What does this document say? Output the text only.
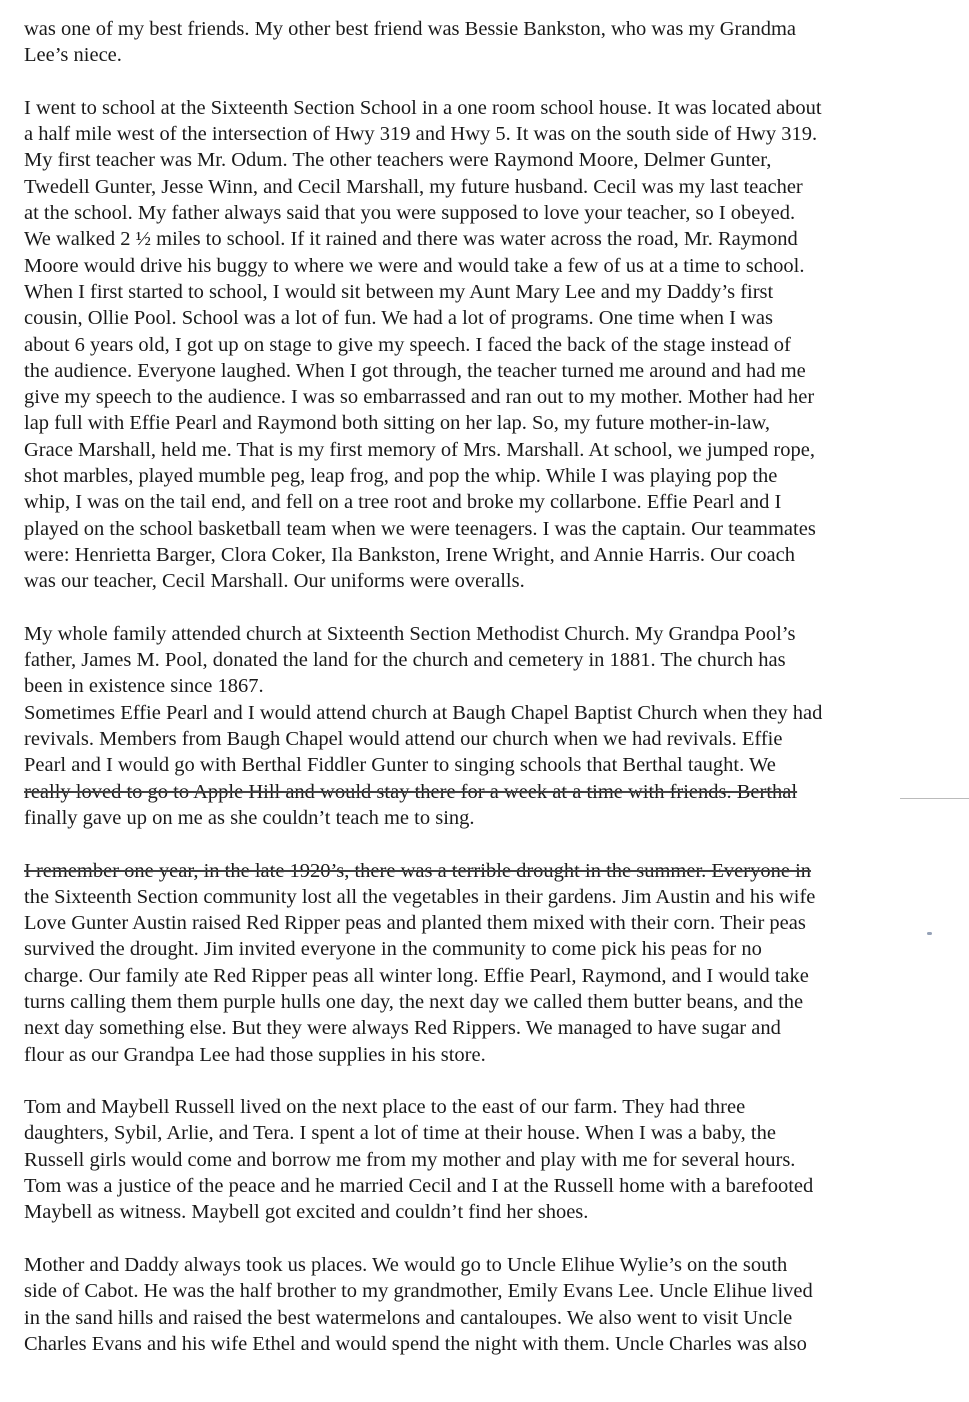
was one of my best friends. My other best friend was Bessie Bankston, who was my Grandma
Lee’s niece.

I went to school at the Sixteenth Section School in a one room school house. It was located about
a half mile west of the intersection of Hwy 319 and Hwy 5. It was on the south side of Hwy 319.
My first teacher was Mr. Odum. The other teachers were Raymond Moore, Delmer Gunter,
Twedell Gunter, Jesse Winn, and Cecil Marshall, my future husband. Cecil was my last teacher
at the school. My father always said that you were supposed to love your teacher, so I obeyed.
We walked 2 ½ miles to school. If it rained and there was water across the road, Mr. Raymond
Moore would drive his buggy to where we were and would take a few of us at a time to school.
When I first started to school, I would sit between my Aunt Mary Lee and my Daddy’s first
cousin, Ollie Pool. School was a lot of fun. We had a lot of programs. One time when I was
about 6 years old, I got up on stage to give my speech. I faced the back of the stage instead of
the audience. Everyone laughed. When I got through, the teacher turned me around and had me
give my speech to the audience. I was so embarrassed and ran out to my mother. Mother had her
lap full with Effie Pearl and Raymond both sitting on her lap. So, my future mother-in-law,
Grace Marshall, held me. That is my first memory of Mrs. Marshall. At school, we jumped rope,
shot marbles, played mumble peg, leap frog, and pop the whip. While I was playing pop the
whip, I was on the tail end, and fell on a tree root and broke my collarbone. Effie Pearl and I
played on the school basketball team when we were teenagers. I was the captain. Our teammates
were: Henrietta Barger, Clora Coker, Ila Bankston, Irene Wright, and Annie Harris. Our coach
was our teacher, Cecil Marshall. Our uniforms were overalls.

My whole family attended church at Sixteenth Section Methodist Church. My Grandpa Pool’s
father, James M. Pool, donated the land for the church and cemetery in 1881. The church has
been in existence since 1867.

Sometimes Effie Pearl and I would attend church at Baugh Chapel Baptist Church when they had
revivals. Members from Baugh Chapel would attend our church when we had revivals. Effie
Pearl and I would go with Berthal Fiddler Gunter to singing schools that Berthal taught. We
really loved to go to Apple Hill and would stay there for a week at a time with friends. Berthal
finally gave up on me as she couldn’t teach me to sing.

I remember one year, in the late 1920’s, there was a terrible drought in the summer. Everyone in
the Sixteenth Section community lost all the vegetables in their gardens. Jim Austin and his wife
Love Gunter Austin raised Red Ripper peas and planted them mixed with their corn. Their peas
survived the drought. Jim invited everyone in the community to come pick his peas for no
charge. Our family ate Red Ripper peas all winter long. Effie Pearl, Raymond, and I would take
turns calling them them purple hulls one day, the next day we called them butter beans, and the
next day something else. But they were always Red Rippers. We managed to have sugar and
flour as our Grandpa Lee had those supplies in his store.

Tom and Maybell Russell lived on the next place to the east of our farm. They had three
daughters, Sybil, Arlie, and Tera. I spent a lot of time at their house. When I was a baby, the
Russell girls would come and borrow me from my mother and play with me for several hours.
Tom was a justice of the peace and he married Cecil and I at the Russell home with a barefooted
Maybell as witness. Maybell got excited and couldn’t find her shoes.

Mother and Daddy always took us places. We would go to Uncle Elihue Wylie’s on the south
side of Cabot. He was the half brother to my grandmother, Emily Evans Lee. Uncle Elihue lived
in the sand hills and raised the best watermelons and cantaloupes. We also went to visit Uncle
Charles Evans and his wife Ethel and would spend the night with them. Uncle Charles was also
